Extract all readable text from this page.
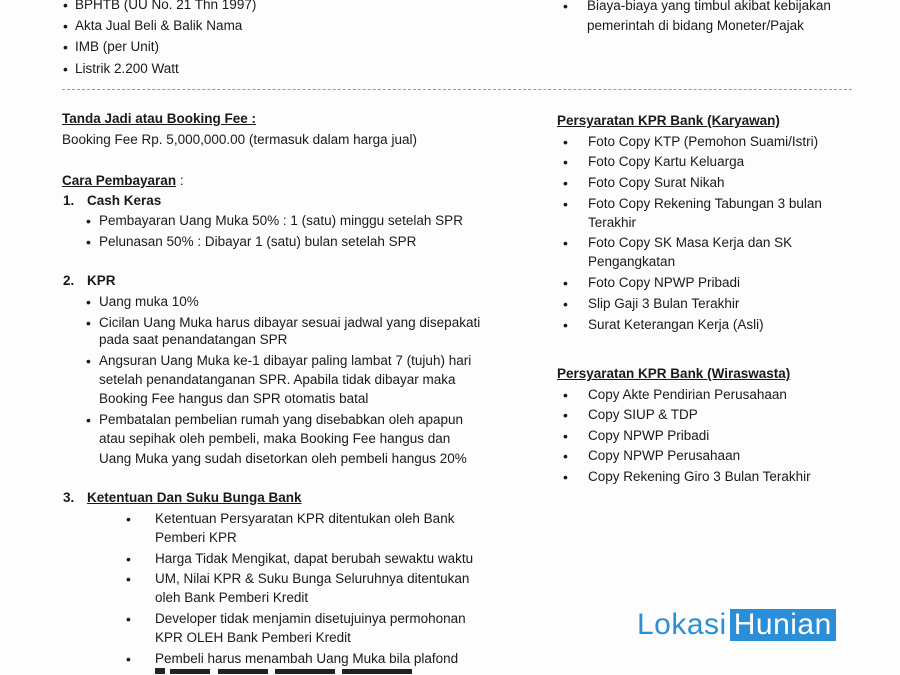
• BPHTB (UU No. 21 Thn 1997)
• Akta Jual Beli & Balik Nama
• IMB (per Unit)
• Listrik 2.200 Watt
• Biaya-biaya yang timbul akibat kebijakan
pemerintah di bidang Moneter/Pajak
Tanda Jadi atau Booking Fee :
Booking Fee Rp. 5,000,000.00 (termasuk dalam harga jual)
Cara Pembayaran :
1. Cash Keras
• Pembayaran Uang Muka 50% : 1 (satu) minggu setelah SPR
• Pelunasan 50% : Dibayar 1 (satu) bulan setelah SPR
2. KPR
• Uang muka 10%
• Cicilan Uang Muka harus dibayar sesuai jadwal yang disepakati
pada saat penandatangan SPR
• Angsuran Uang Muka ke-1 dibayar paling lambat 7 (tujuh) hari
setelah penandatanganan SPR. Apabila tidak dibayar maka
Booking Fee hangus dan SPR otomatis batal
• Pembatalan pembelian rumah yang disebabkan oleh apapun
atau sepihak oleh pembeli, maka Booking Fee hangus dan
Uang Muka yang sudah disetorkan oleh pembeli hangus 20%
3. Ketentuan Dan Suku Bunga Bank
• Ketentuan Persyaratan KPR ditentukan oleh Bank
Pemberi KPR
• Harga Tidak Mengikat, dapat berubah sewaktu waktu
• UM, Nilai KPR & Suku Bunga Seluruhnya ditentukan
oleh Bank Pemberi Kredit
• Developer tidak menjamin disetujuinya permohonan
KPR OLEH Bank Pemberi Kredit
• Pembeli harus menambah Uang Muka bila plafond
Persyaratan KPR Bank (Karyawan)
• Foto Copy KTP (Pemohon Suami/Istri)
• Foto Copy Kartu Keluarga
• Foto Copy Surat Nikah
• Foto Copy Rekening Tabungan 3 bulan
Terakhir
• Foto Copy SK Masa Kerja dan SK
Pengangkatan
• Foto Copy NPWP Pribadi
• Slip Gaji 3 Bulan Terakhir
• Surat Keterangan Kerja (Asli)
Persyaratan KPR Bank (Wiraswasta)
• Copy Akte Pendirian Perusahaan
• Copy SIUP & TDP
• Copy NPWP Pribadi
• Copy NPWP Perusahaan
• Copy Rekening Giro 3 Bulan Terakhir
Lokasi Hunian
